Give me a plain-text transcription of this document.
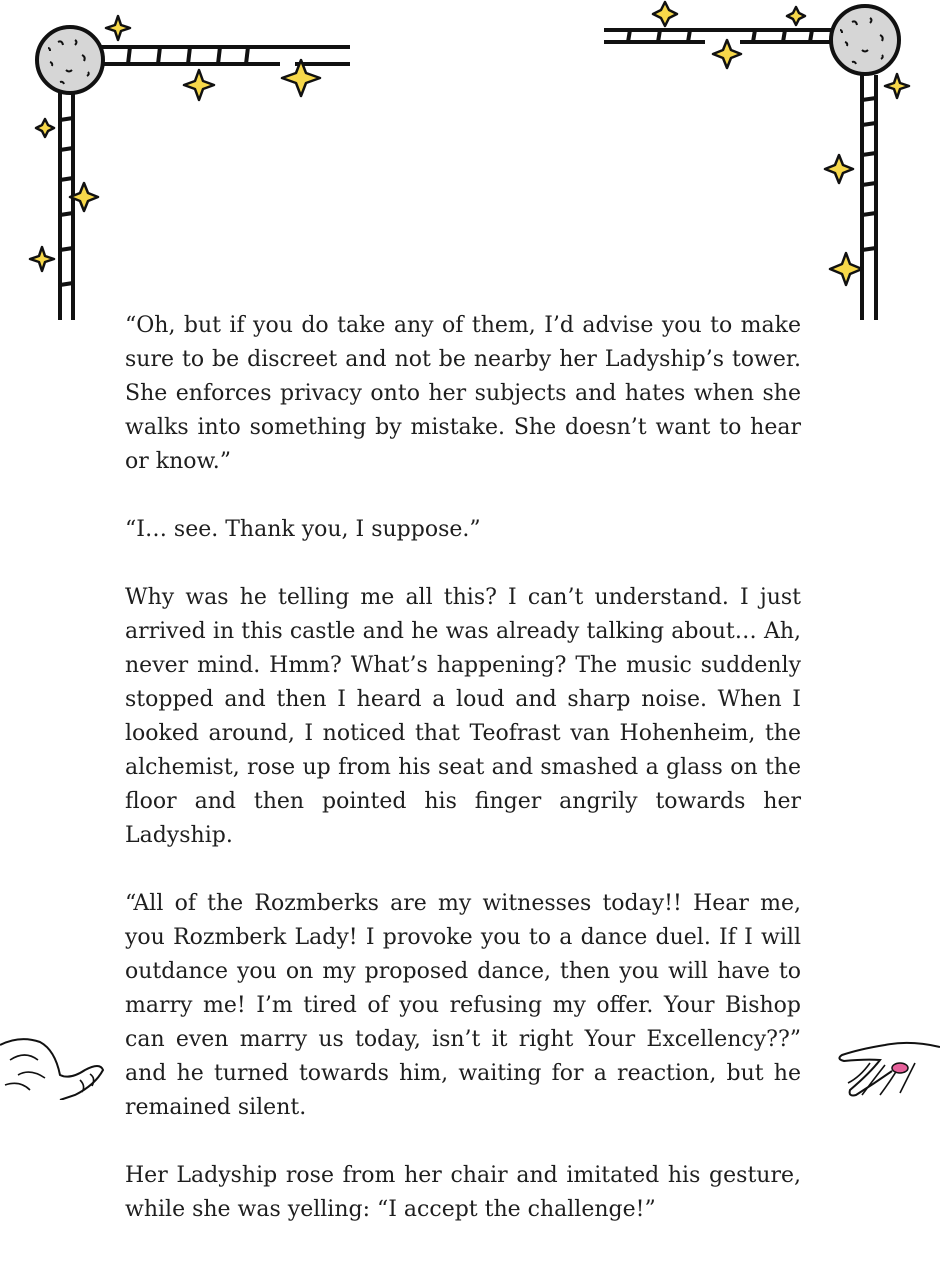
“Oh, but if you do take any of them, I’d advise you to make sure to be discreet and not be nearby her Ladyship’s tower. She enforces privacy onto her subjects and hates when she walks into something by mistake. She doesn’t want to hear or know.”

“I… see. Thank you, I suppose.”

Why was he telling me all this? I can’t understand. I just arrived in this castle and he was already talking about… Ah, never mind. Hmm? What’s happening? The music suddenly stopped and then I heard a loud and sharp noise. When I looked around, I noticed that Teofrast van Hohenheim, the alchemist, rose up from his seat and smashed a glass on the floor and then pointed his finger angrily towards her Ladyship.

“All of the Rozmberks are my witnesses today!! Hear me, you Rozmberk Lady! I provoke you to a dance duel. If I will outdance you on my proposed dance, then you will have to marry me! I’m tired of you refusing my offer. Your Bishop can even marry us today, isn’t it right Your Excellency??” and he turned towards him, waiting for a reaction, but he remained silent.

Her Ladyship rose from her chair and imitated his gesture, while she was yelling: “I accept the challenge!”
